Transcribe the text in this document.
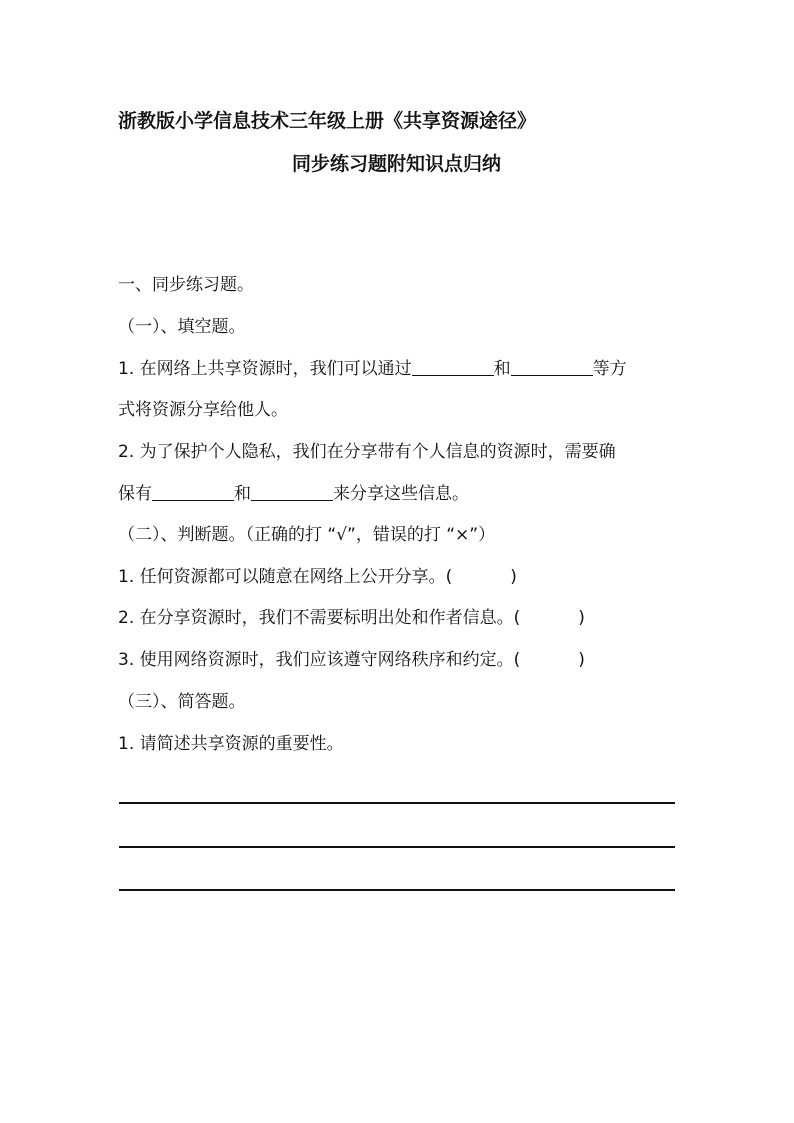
浙教版小学信息技术三年级上册《共享资源途径》
同步练习题附知识点归纳
一、同步练习题。
（一）、填空题。
1. 在网络上共享资源时，我们可以通过	和	等方
式将资源分享给他人。
2. 为了保护个人隐私，我们在分享带有个人信息的资源时，需要确
保有	和	来分享这些信息。
（二）、判断题。（正确的打 “√”，错误的打 “×”）
1. 任何资源都可以随意在网络上公开分享。(	)
2. 在分享资源时，我们不需要标明出处和作者信息。(	)
3. 使用网络资源时，我们应该遵守网络秩序和约定。(	)
（三）、简答题。
1. 请简述共享资源的重要性。
